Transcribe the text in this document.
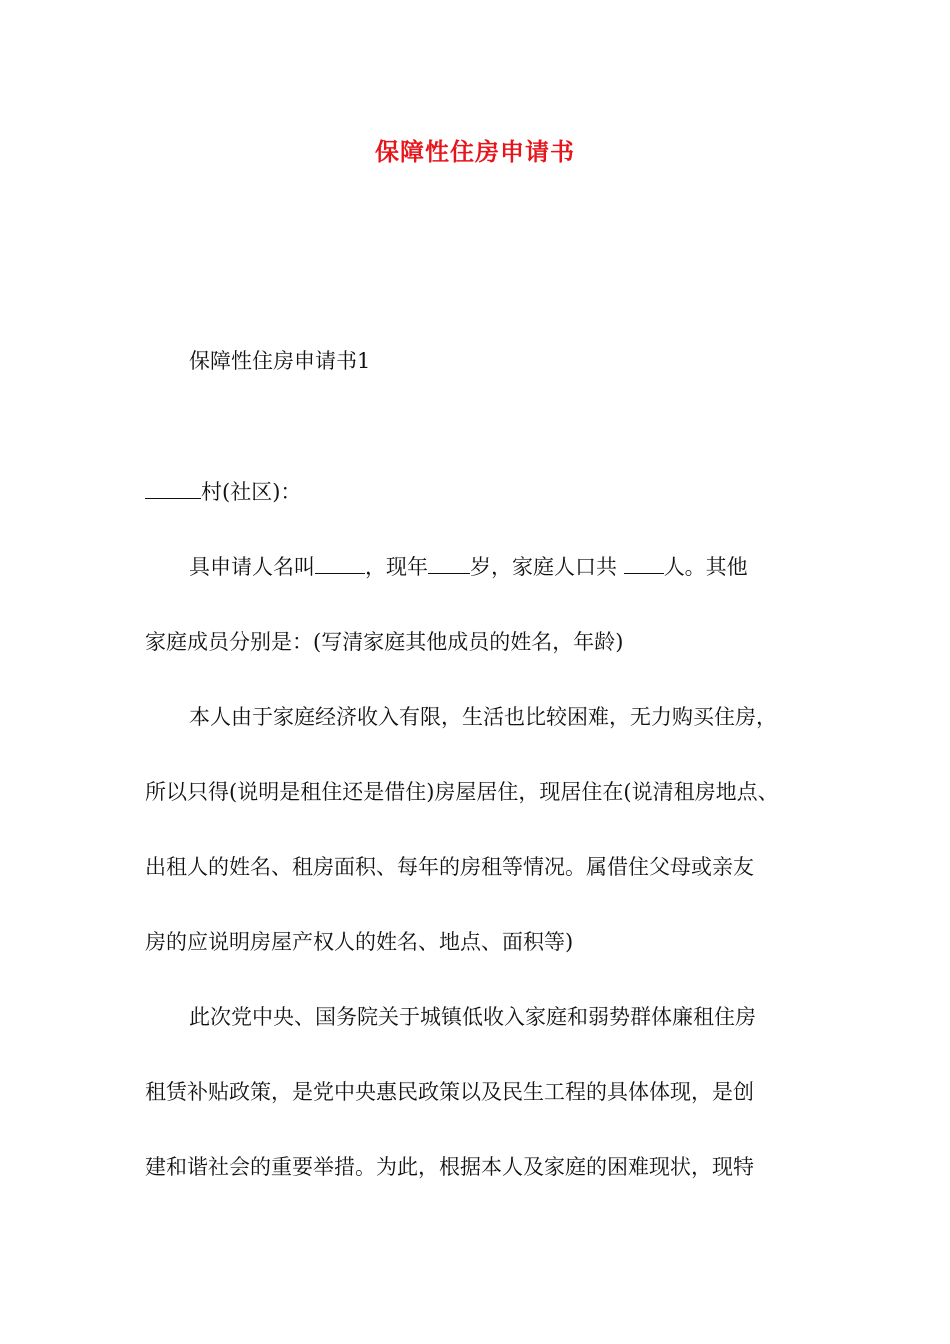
保障性住房申请书
保障性住房申请书1
村(社区)：
具申请人名叫 ，现年 岁，家庭人口共 人。其他
家庭成员分别是：(写清家庭其他成员的姓名，年龄)
本人由于家庭经济收入有限，生活也比较困难，无力购买住房，
所以只得(说明是租住还是借住)房屋居住，现居住在(说清租房地点、
出租人的姓名、租房面积、每年的房租等情况。属借住父母或亲友
房的应说明房屋产权人的姓名、地点、面积等)
此次党中央、国务院关于城镇低收入家庭和弱势群体廉租住房
租赁补贴政策，是党中央惠民政策以及民生工程的具体体现，是创
建和谐社会的重要举措。为此，根据本人及家庭的困难现状，现特
